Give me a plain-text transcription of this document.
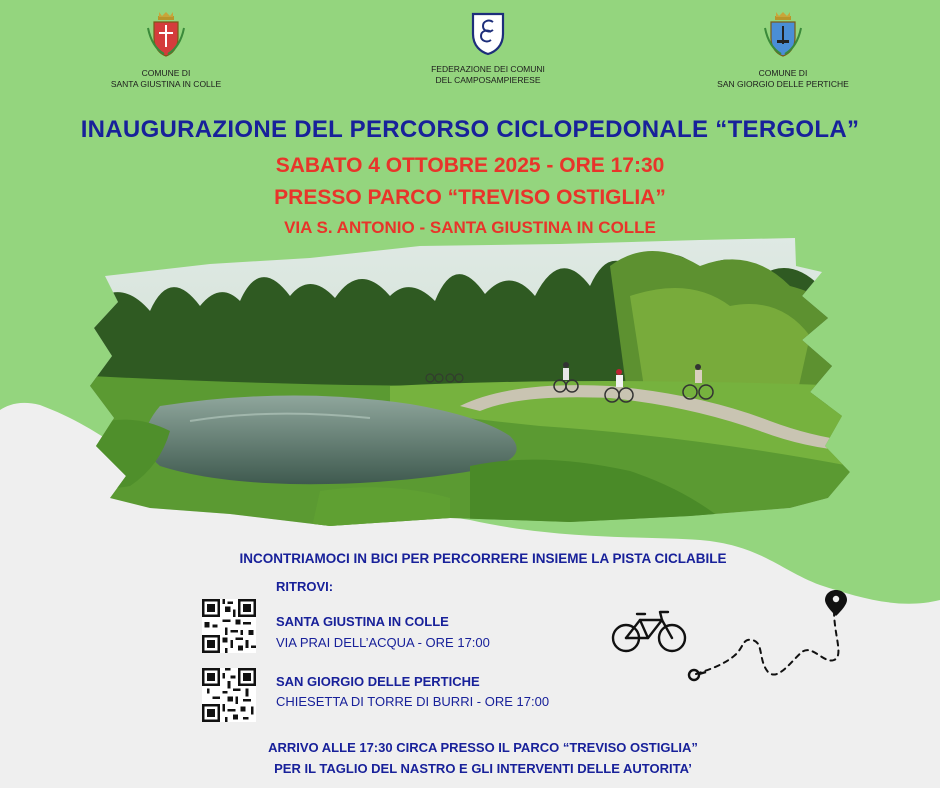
COMUNE DI
SANTA GIUSTINA IN COLLE
FEDERAZIONE DEI COMUNI
DEL CAMPOSAMPIERESE
COMUNE DI
SAN GIORGIO DELLE PERTICHE
INAUGURAZIONE DEL PERCORSO CICLOPEDONALE “TERGOLA”
SABATO 4 OTTOBRE 2025 - ORE 17:30
PRESSO PARCO “TREVISO OSTIGLIA”
VIA S. ANTONIO - SANTA GIUSTINA IN COLLE
INCONTRIAMOCI IN BICI PER PERCORRERE INSIEME LA PISTA CICLABILE
RITROVI:
SANTA GIUSTINA IN COLLE
VIA PRAI DELL’ACQUA - ORE 17:00
SAN GIORGIO DELLE PERTICHE
CHIESETTA DI TORRE DI BURRI - ORE 17:00
ARRIVO ALLE 17:30 CIRCA PRESSO IL PARCO “TREVISO OSTIGLIA”
PER IL TAGLIO DEL NASTRO E GLI INTERVENTI DELLE AUTORITA’
